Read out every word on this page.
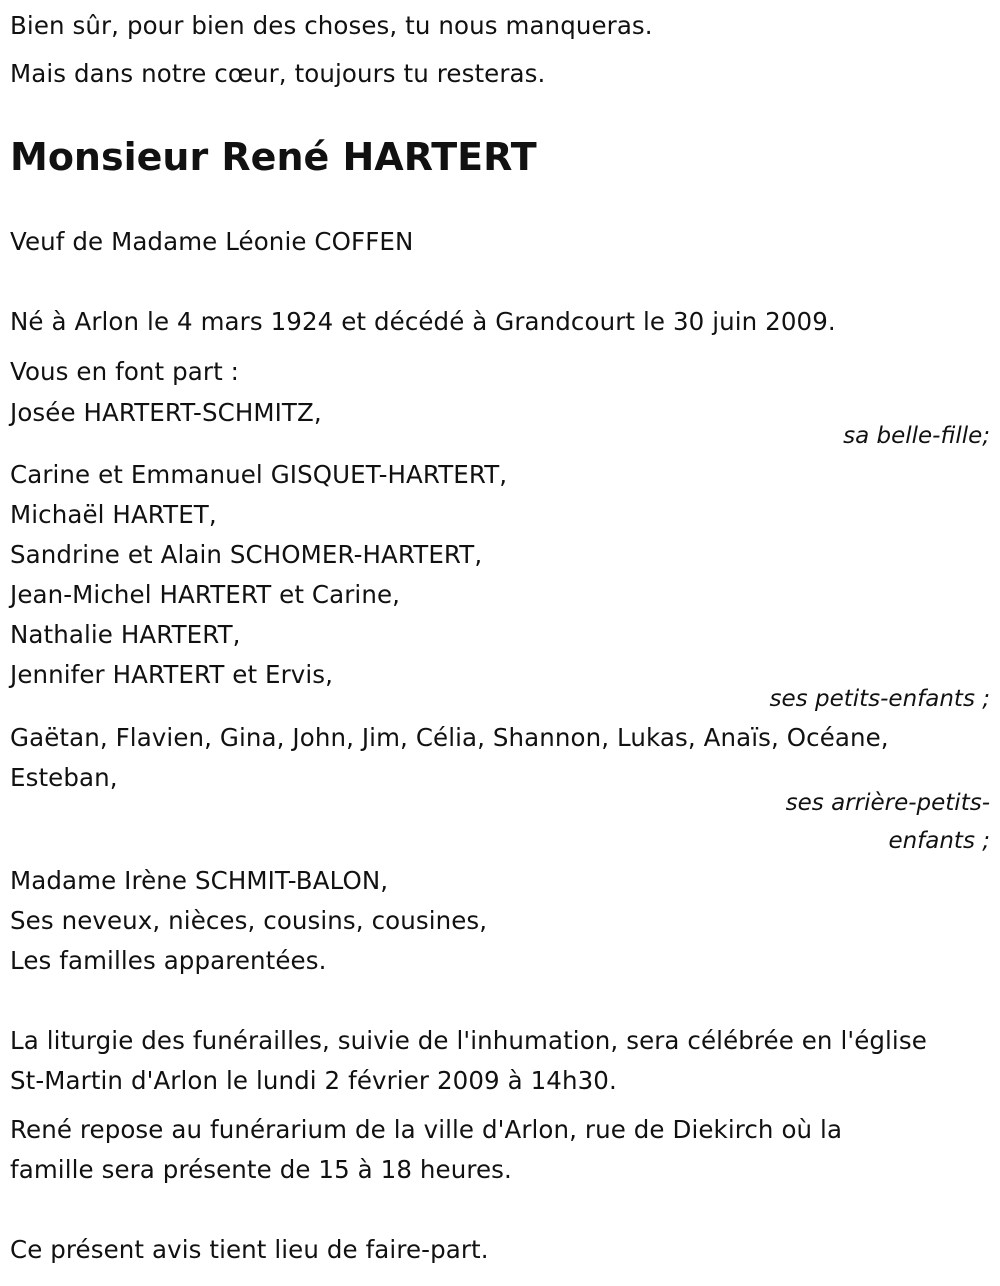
Bien sûr, pour bien des choses, tu nous manqueras.
Mais dans notre cœur, toujours tu resteras.
Monsieur René HARTERT
Veuf de Madame Léonie COFFEN
Né à Arlon le 4 mars 1924 et décédé à Grandcourt le 30 juin 2009.
Vous en font part :
Josée HARTERT-SCHMITZ,
sa belle-fille;
Carine et Emmanuel GISQUET-HARTERT,
Michaël HARTET,
Sandrine et Alain SCHOMER-HARTERT,
Jean-Michel HARTERT et Carine,
Nathalie HARTERT,
Jennifer HARTERT et Ervis,
ses petits-enfants ;
Gaëtan, Flavien, Gina, John, Jim, Célia, Shannon, Lukas, Anaïs, Océane,
Esteban,
ses arrière-petits-
enfants ;
Madame Irène SCHMIT-BALON,
Ses neveux, nièces, cousins, cousines,
Les familles apparentées.
La liturgie des funérailles, suivie de l'inhumation, sera célébrée en l'église
St-Martin d'Arlon le lundi 2 février 2009 à 14h30.
René repose au funérarium de la ville d'Arlon, rue de Diekirch où la
famille sera présente de 15 à 18 heures.
Ce présent avis tient lieu de faire-part.
